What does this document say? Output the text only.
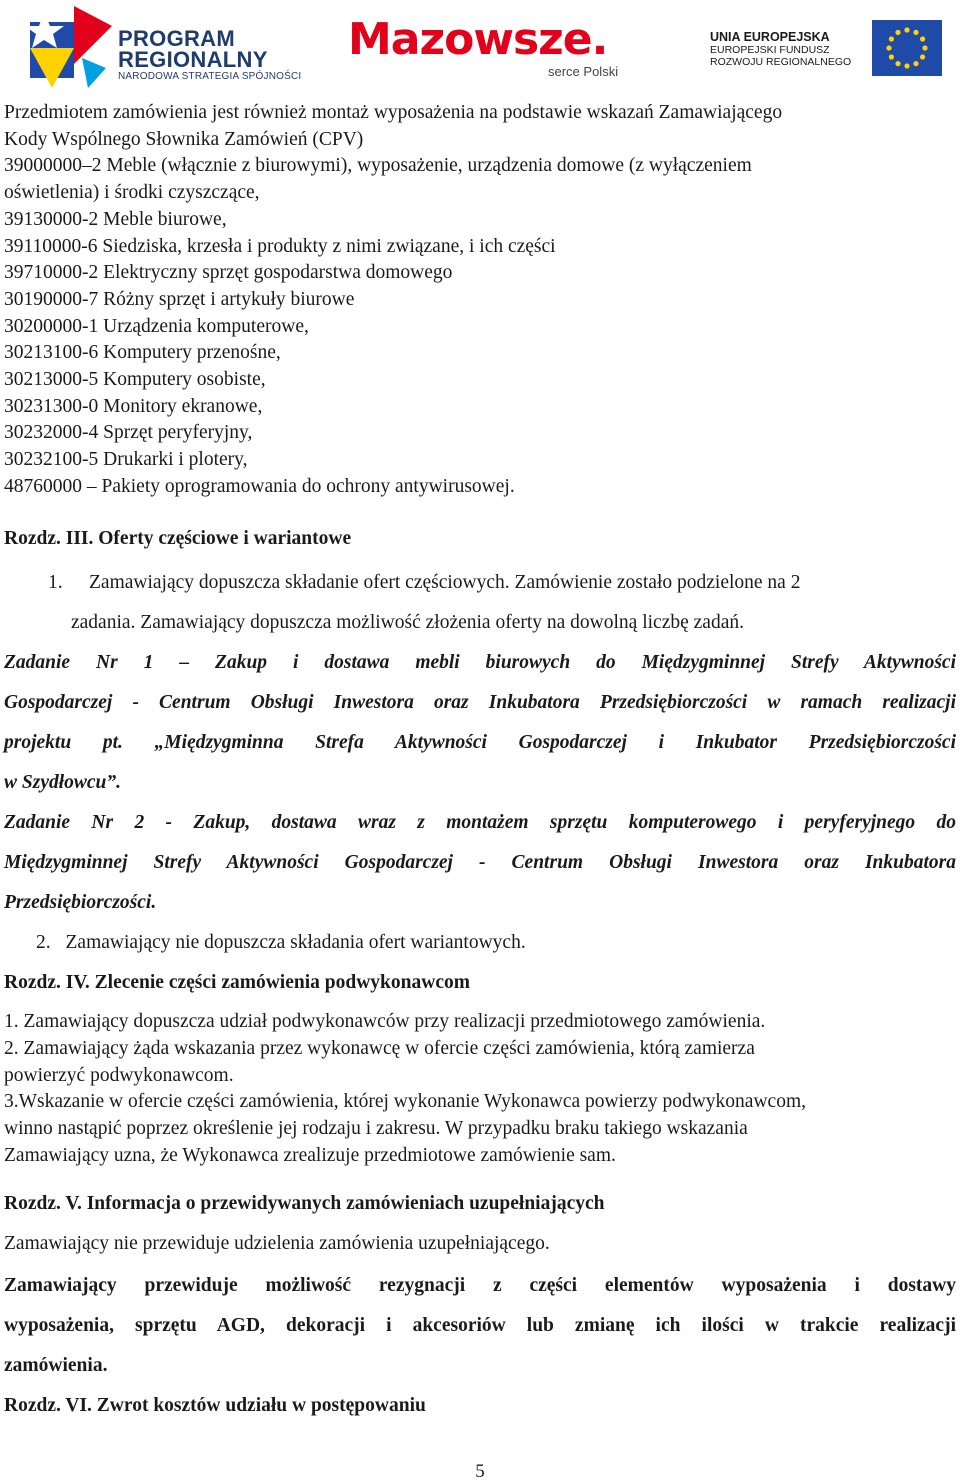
PROGRAM
REGIONALNY
NARODOWA STRATEGIA SPÓJNOŚCI
Mazowsze.
serce Polski
UNIA EUROPEJSKA
EUROPEJSKI FUNDUSZ
ROZWOJU REGIONALNEGO
Przedmiotem zamówienia jest również montaż wyposażenia na podstawie wskazań Zamawiającego
Kody Wspólnego Słownika Zamówień (CPV)
39000000–2 Meble (włącznie z biurowymi), wyposażenie, urządzenia domowe (z wyłączeniem
oświetlenia) i środki czyszczące,
39130000-2 Meble biurowe,
39110000-6 Siedziska, krzesła i produkty z nimi związane, i ich części
39710000-2 Elektryczny sprzęt gospodarstwa domowego
30190000-7 Różny sprzęt i artykuły biurowe
30200000-1 Urządzenia komputerowe,
30213100-6 Komputery przenośne,
30213000-5 Komputery osobiste,
30231300-0 Monitory ekranowe,
30232000-4 Sprzęt peryferyjny,
30232100-5 Drukarki i plotery,
48760000 – Pakiety oprogramowania do ochrony antywirusowej.
Rozdz. III. Oferty częściowe i wariantowe
1.	Zamawiający dopuszcza składanie ofert częściowych. Zamówienie zostało podzielone na 2
zadania. Zamawiający dopuszcza możliwość złożenia oferty na dowolną liczbę zadań.
Zadanie Nr 1 – Zakup i dostawa mebli biurowych do Międzygminnej Strefy Aktywności
Gospodarczej - Centrum Obsługi Inwestora oraz Inkubatora Przedsiębiorczości w ramach realizacji
projektu pt. „Międzygminna Strefa Aktywności Gospodarczej i Inkubator Przedsiębiorczości
w Szydłowcu”.
Zadanie Nr 2 - Zakup, dostawa wraz z montażem sprzętu komputerowego i peryferyjnego do
Międzygminnej Strefy Aktywności Gospodarczej - Centrum Obsługi Inwestora oraz Inkubatora
Przedsiębiorczości.
2. Zamawiający nie dopuszcza składania ofert wariantowych.
Rozdz. IV. Zlecenie części zamówienia podwykonawcom
1. Zamawiający dopuszcza udział podwykonawców przy realizacji przedmiotowego zamówienia.
2. Zamawiający żąda wskazania przez wykonawcę w ofercie części zamówienia, którą zamierza
powierzyć podwykonawcom.
3.Wskazanie w ofercie części zamówienia, której wykonanie Wykonawca powierzy podwykonawcom,
winno nastąpić poprzez określenie jej rodzaju i zakresu. W przypadku braku takiego wskazania
Zamawiający uzna, że Wykonawca zrealizuje przedmiotowe zamówienie sam.
Rozdz. V. Informacja o przewidywanych zamówieniach uzupełniających
Zamawiający nie przewiduje udzielenia zamówienia uzupełniającego.
Zamawiający przewiduje możliwość rezygnacji z części elementów wyposażenia i dostawy
wyposażenia, sprzętu AGD, dekoracji i akcesoriów lub zmianę ich ilości w trakcie realizacji
zamówienia.
Rozdz. VI. Zwrot kosztów udziału w postępowaniu
5
